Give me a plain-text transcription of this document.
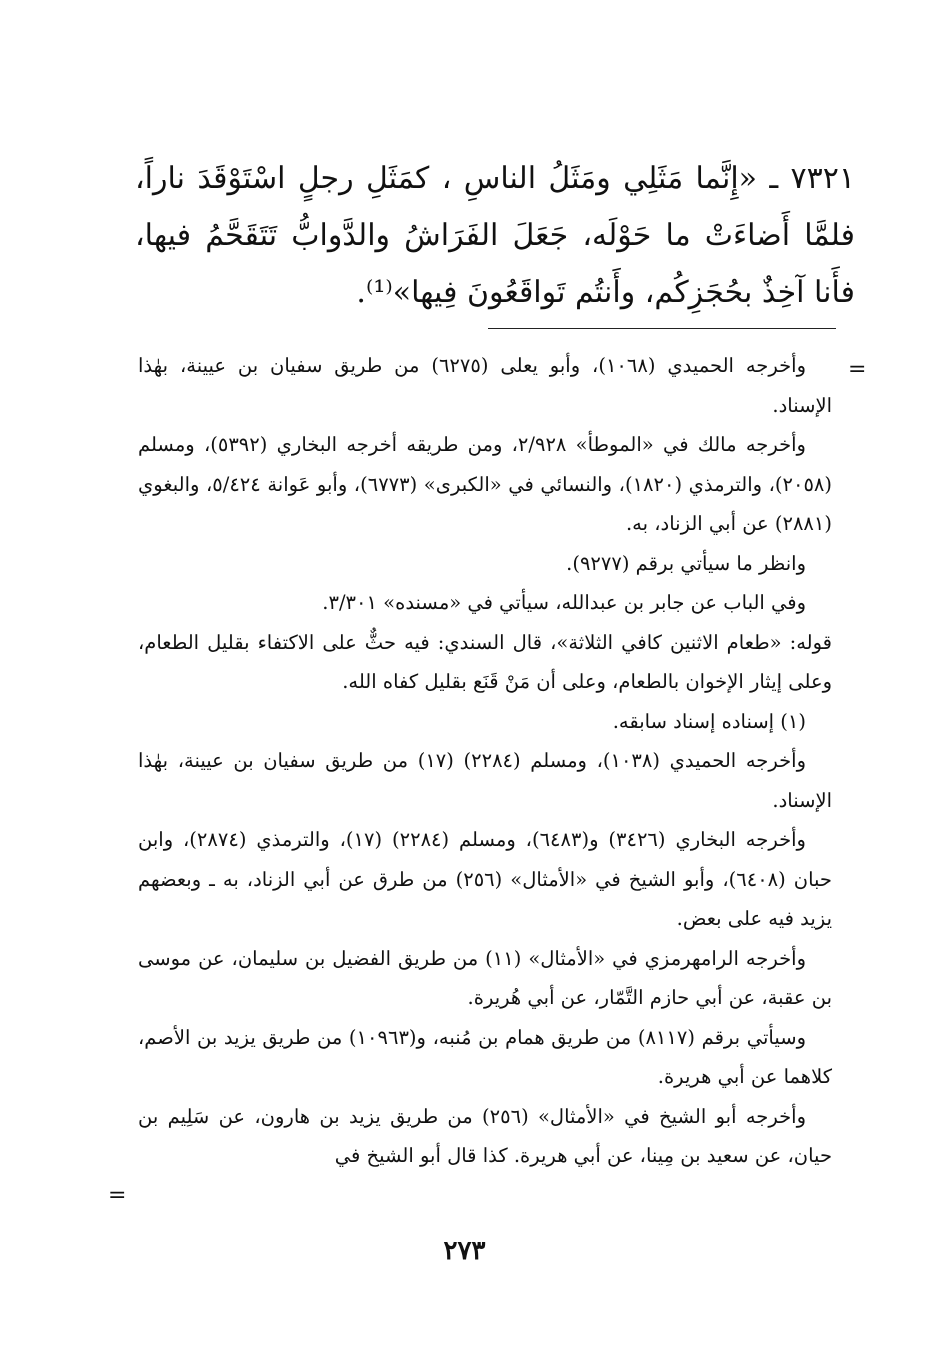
٧٣٢١ ـ «إِنَّما مَثَلِي ومَثَلُ الناسِ ، كمَثَلِ رجلٍ اسْتَوْقَدَ ناراً، فلمَّا أَضاءَتْ ما حَوْلَه، جَعَلَ الفَرَاشُ والدَّوابُّ تَتَقَحَّمُ فيها، فأَنا آخِذٌ بحُجَزِكُم، وأَنتُم تَواقَعُونَ فِيها»⁽¹⁾.

=

وأخرجه الحميدي (١٠٦٨)، وأبو يعلى (٦٢٧٥) من طريق سفيان بن عيينة، بهٰذا الإسناد.

وأخرجه مالك في «الموطأ» ٢/٩٢٨، ومن طريقه أخرجه البخاري (٥٣٩٢)، ومسلم (٢٠٥٨)، والترمذي (١٨٢٠)، والنسائي في «الكبرى» (٦٧٧٣)، وأبو عَوانة ٥/٤٢٤، والبغوي (٢٨٨١) عن أبي الزناد، به.

وانظر ما سيأتي برقم (٩٢٧٧).

وفي الباب عن جابر بن عبدالله، سيأتي في «مسنده» ٣/٣٠١.

قوله: «طعام الاثنين كافي الثلاثة»، قال السندي: فيه حثٌّ على الاكتفاء بقليل الطعام، وعلى إيثار الإخوان بالطعام، وعلى أن مَنْ قَنَع بقليل كفاه الله.

(١) إسناده إسناد سابقه.

وأخرجه الحميدي (١٠٣٨)، ومسلم (٢٢٨٤) (١٧) من طريق سفيان بن عيينة، بهٰذا الإسناد.

وأخرجه البخاري (٣٤٢٦) و(٦٤٨٣)، ومسلم (٢٢٨٤) (١٧)، والترمذي (٢٨٧٤)، وابن حبان (٦٤٠٨)، وأبو الشيخ في «الأمثال» (٢٥٦) من طرق عن أبي الزناد، به ـ وبعضهم يزيد فيه على بعض.

وأخرجه الرامهرمزي في «الأمثال» (١١) من طريق الفضيل بن سليمان، عن موسى بن عقبة، عن أبي حازم التَّمّار، عن أبي هُريرة.

وسيأتي برقم (٨١١٧) من طريق همام بن مُنبه، و(١٠٩٦٣) من طريق يزيد بن الأصم، كلاهما عن أبي هريرة.

وأخرجه أبو الشيخ في «الأمثال» (٢٥٦) من طريق يزيد بن هارون، عن سَلِيم بن حيان، عن سعيد بن مِينا، عن أبي هريرة. كذا قال أبو الشيخ في

=
٢٧٣
